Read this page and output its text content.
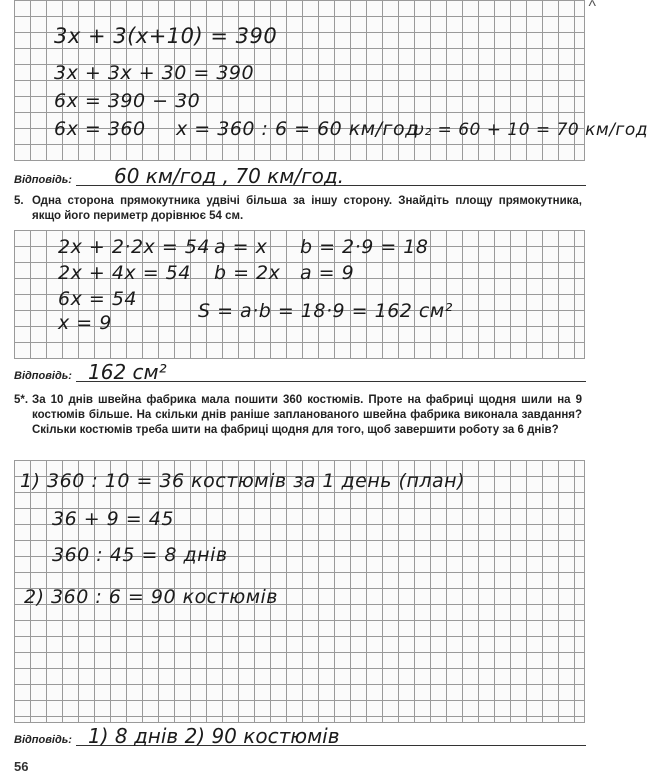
^
3x + 3(x+10) = 390
3x + 3x + 30 = 390
6x = 390 − 30
6x = 360 x = 360 : 6 = 60 км/год
υ₂ = 60 + 10 = 70 км/год
Відповідь: 60 км/год , 70 км/год.
5. Одна сторона прямокутника удвічі більша за іншу сторону. Знайдіть площу прямокутника, якщо його периметр дорівнює 54 см.
2x + 2·2x = 54
2x + 4x = 54
6x = 54
x = 9
a = x
b = 2x
b = 2·9 = 18
a = 9
S = a·b = 18·9 = 162 см²
Відповідь: 162 см²
5*. За 10 днів швейна фабрика мала пошити 360 костюмів. Проте на фабриці щодня шили на 9 костюмів більше. На скільки днів раніше запланованого швейна фабрика виконала завдання? Скільки костюмів треба шити на фабриці щодня для того, щоб завершити роботу за 6 днів?
1) 360 : 10 = 36 костюмів за 1 день (план)
36 + 9 = 45
360 : 45 = 8 днів
2) 360 : 6 = 90 костюмів
Відповідь: 1) 8 днів 2) 90 костюмів
56
